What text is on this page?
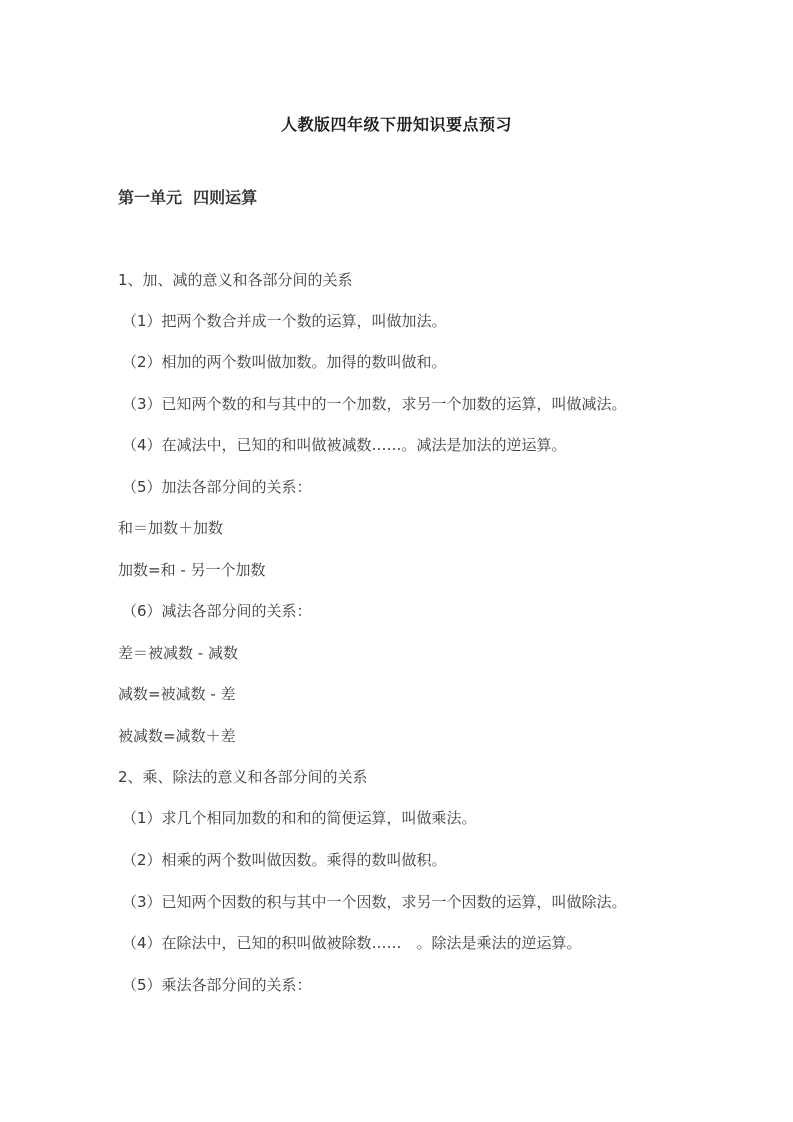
人教版四年级下册知识要点预习
第一单元  四则运算
1、加、减的意义和各部分间的关系
（1）把两个数合并成一个数的运算，叫做加法。
（2）相加的两个数叫做加数。加得的数叫做和。
（3）已知两个数的和与其中的一个加数，求另一个加数的运算，叫做减法。
（4）在减法中，已知的和叫做被减数……。减法是加法的逆运算。
（5）加法各部分间的关系：
和＝加数＋加数
加数=和 - 另一个加数
（6）减法各部分间的关系：
差＝被减数 - 减数
减数=被减数 - 差
被减数=减数＋差
2、乘、除法的意义和各部分间的关系
（1）求几个相同加数的和和的简便运算，叫做乘法。
（2）相乘的两个数叫做因数。乘得的数叫做积。
（3）已知两个因数的积与其中一个因数，求另一个因数的运算，叫做除法。
（4）在除法中，已知的积叫做被除数……　。除法是乘法的逆运算。
（5）乘法各部分间的关系：
